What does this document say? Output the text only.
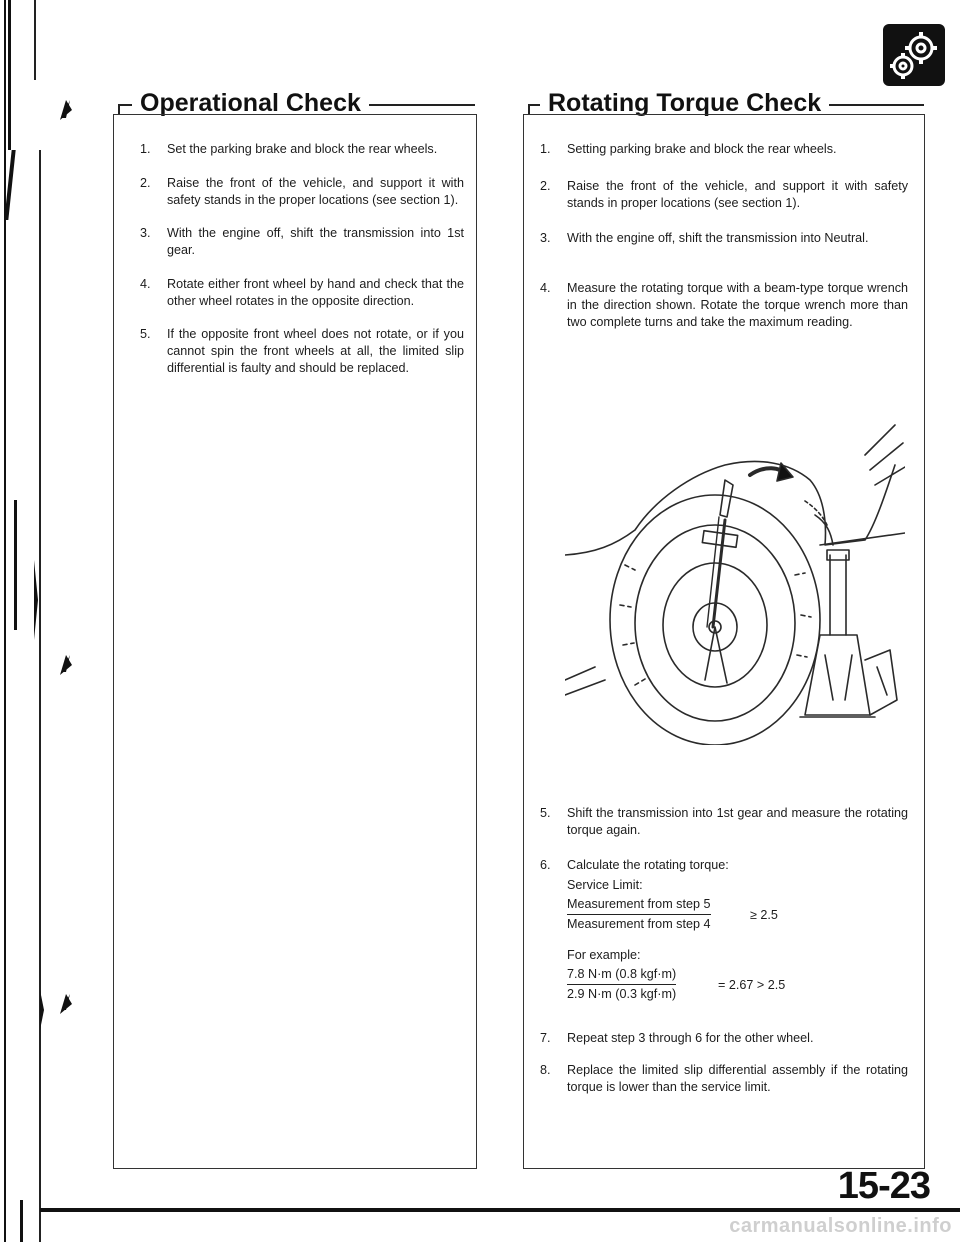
Operational Check
1.	Set the parking brake and block the rear wheels.
2.	Raise the front of the vehicle, and support it with safety stands in the proper locations (see section 1).
3.	With the engine off, shift the transmission into 1st gear.
4.	Rotate either front wheel by hand and check that the other wheel rotates in the opposite direction.
5.	If the opposite front wheel does not rotate, or if you cannot spin the front wheels at all, the limited slip differential is faulty and should be replaced.
Rotating Torque Check
1.	Setting parking brake and block the rear wheels.
2.	Raise the front of the vehicle, and support it with safety stands in proper locations (see section 1).
3.	With the engine off, shift the transmission into Neutral.
4.	Measure the rotating torque with a beam-type torque wrench in the direction shown. Rotate the torque wrench more than two complete turns and take the maximum reading.
5.	Shift the transmission into 1st gear and measure the rotating torque again.
6.	Calculate the rotating torque:
Service Limit:
Measurement from step 5
Measurement from step 4
≥ 2.5
For example:
7.8 N·m (0.8 kgf·m)
2.9 N·m (0.3 kgf·m)
= 2.67 > 2.5
7.	Repeat step 3 through 6 for the other wheel.
8.	Replace the limited slip differential assembly if the rotating torque is lower than the service limit.
15-23
carmanualsonline.info
